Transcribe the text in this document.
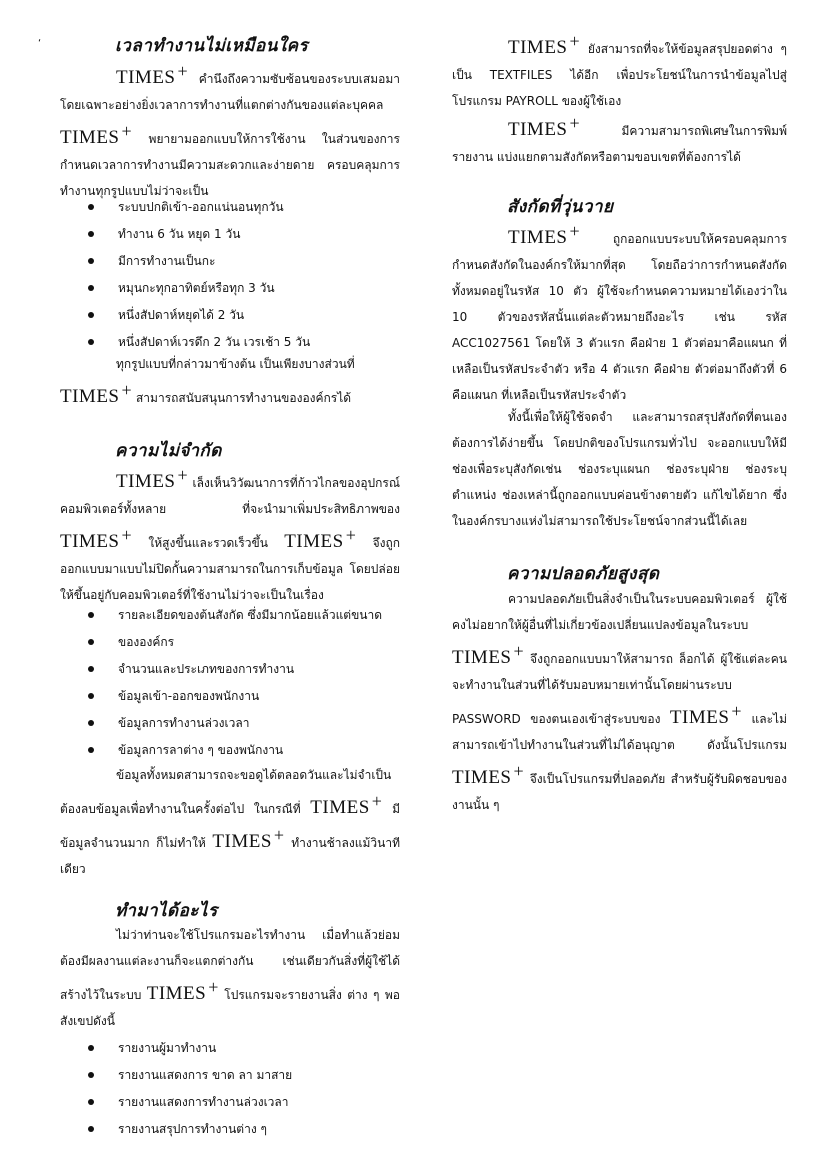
‘	เวลาทำงานไม่เหมือนใคร

TIMES + คำนึงถึงความซับซ้อนของระบบเสมอมา โดยเฉพาะอย่างยิ่งเวลาการทำงานที่แตกต่างกันของแต่ละบุคคล TIMES + พยายามออกแบบให้การใช้งาน ในส่วนของการกำหนดเวลาการทำงานมีความสะดวกและง่ายดาย ครอบคลุมการทำงานทุกรูปแบบไม่ว่าจะเป็น

ระบบปกติเข้า-ออกแน่นอนทุกวัน
ทำงาน 6 วัน หยุด 1 วัน
มีการทำงานเป็นกะ
หมุนกะทุกอาทิตย์หรือทุก 3 วัน
หนึ่งสัปดาห์หยุดได้ 2 วัน
หนึ่งสัปดาห์เวรดึก 2 วัน เวรเช้า 5 วัน

ทุกรูปแบบที่กล่าวมาข้างต้น เป็นเพียงบางส่วนที่
TIMES + สามารถสนับสนุนการทำงานขององค์กรได้

ความไม่จำกัด

TIMES + เล็งเห็นวิวัฒนาการที่ก้าวไกลของอุปกรณ์คอมพิวเตอร์ทั้งหลาย ที่จะนำมาเพิ่มประสิทธิภาพของ TIMES + ให้สูงขึ้นและรวดเร็วขึ้น TIMES + จึงถูกออกแบบมาแบบไม่ปิดกั้นความสามารถในการเก็บข้อมูล โดยปล่อยให้ขึ้นอยู่กับคอมพิวเตอร์ที่ใช้งานไม่ว่าจะเป็นในเรื่อง

รายละเอียดของต้นสังกัด ซึ่งมีมากน้อยแล้วแต่ขนาด
ขององค์กร
จำนวนและประเภทของการทำงาน
ข้อมูลเข้า-ออกของพนักงาน
ข้อมูลการทำงานล่วงเวลา
ข้อมูลการลาต่าง ๆ ของพนักงาน

ข้อมูลทั้งหมดสามารถจะขอดูได้ตลอดวันและไม่จำเป็นต้องลบข้อมูลเพื่อทำงานในครั้งต่อไป ในกรณีที่ TIMES + มีข้อมูลจำนวนมาก ก็ไม่ทำให้ TIMES + ทำงานช้าลงแม้วินาทีเดียว

ทำมาได้อะไร

ไม่ว่าท่านจะใช้โปรแกรมอะไรทำงาน เมื่อทำแล้วย่อมต้องมีผลงานแต่ละงานก็จะแตกต่างกัน เช่นเดียวกันสิ่งที่ผู้ใช้ได้สร้างไว้ในระบบ TIMES + โปรแกรมจะรายงานสิ่ง ต่าง ๆ พอสังเขปดังนี้

รายงานผู้มาทำงาน
รายงานแสดงการ ขาด ลา มาสาย
รายงานแสดงการทำงานล่วงเวลา
รายงานสรุปการทำงานต่าง ๆ

TIMES + ยังสามารถที่จะให้ข้อมูลสรุปยอดต่าง ๆ เป็น TEXTFILES ได้อีก เพื่อประโยชน์ในการนำข้อมูลไปสู่โปรแกรม PAYROLL ของผู้ใช้เอง

TIMES +	มีความสามารถพิเศษในการพิมพ์รายงาน แบ่งแยกตามสังกัดหรือตามขอบเขตที่ต้องการได้

สังกัดที่วุ่นวาย

TIMES +	ถูกออกแบบระบบให้ครอบคลุมการกำหนดสังกัดในองค์กรให้มากที่สุด โดยถือว่าการกำหนดสังกัดทั้งหมดอยู่ในรหัส 10 ตัว ผู้ใช้จะกำหนดความหมายได้เองว่าใน 10 ตัวของรหัสนั้นแต่ละตัวหมายถึงอะไร เช่น รหัส ACC1027561 โดยให้ 3 ตัวแรก คือฝ่าย 1 ตัวต่อมาคือแผนก ที่เหลือเป็นรหัสประจำตัว หรือ 4 ตัวแรก คือฝ่าย ตัวต่อมาถึงตัวที่ 6 คือแผนก ที่เหลือเป็นรหัสประจำตัว

ทั้งนี้เพื่อให้ผู้ใช้จดจำ และสามารถสรุปสังกัดที่ตนเองต้องการได้ง่ายขึ้น โดยปกติของโปรแกรมทั่วไป จะออกแบบให้มีช่องเพื่อระบุสังกัดเช่น ช่องระบุแผนก ช่องระบุฝ่าย ช่องระบุตำแหน่ง ช่องเหล่านี้ถูกออกแบบค่อนข้างตายตัว แก้ไขได้ยาก ซึ่งในองค์กรบางแห่งไม่สามารถใช้ประโยชน์จากส่วนนี้ได้เลย

ความปลอดภัยสูงสุด

ความปลอดภัยเป็นสิ่งจำเป็นในระบบคอมพิวเตอร์ ผู้ใช้คงไม่อยากให้ผู้อื่นที่ไม่เกี่ยวข้องเปลี่ยนแปลงข้อมูลในระบบ TIMES + จึงถูกออกแบบมาให้สามารถ ล็อกได้ ผู้ใช้แต่ละคนจะทำงานในส่วนที่ได้รับมอบหมายเท่านั้นโดยผ่านระบบ PASSWORD ของตนเองเข้าสู่ระบบของ TIMES + และไม่สามารถเข้าไปทำงานในส่วนที่ไม่ได้อนุญาต ดังนั้นโปรแกรม TIMES + จึงเป็นโปรแกรมที่ปลอดภัย สำหรับผู้รับผิดชอบของงานนั้น ๆ
